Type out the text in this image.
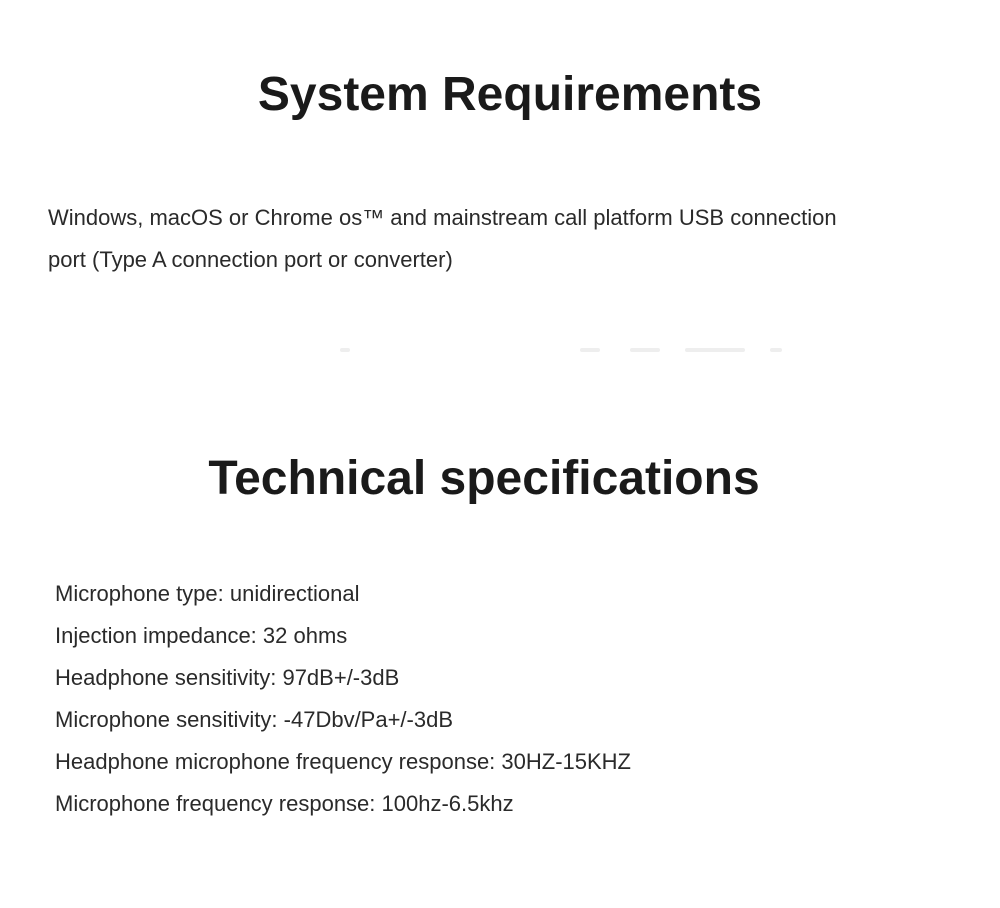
System Requirements

Windows, macOS or Chrome os™ and mainstream call platform USB connection port (Type A connection port or converter)

Technical specifications
Microphone type: unidirectional
Injection impedance: 32 ohms
Headphone sensitivity: 97dB+/-3dB
Microphone sensitivity: -47Dbv/Pa+/-3dB
Headphone microphone frequency response: 30HZ-15KHZ
Microphone frequency response: 100hz-6.5khz
